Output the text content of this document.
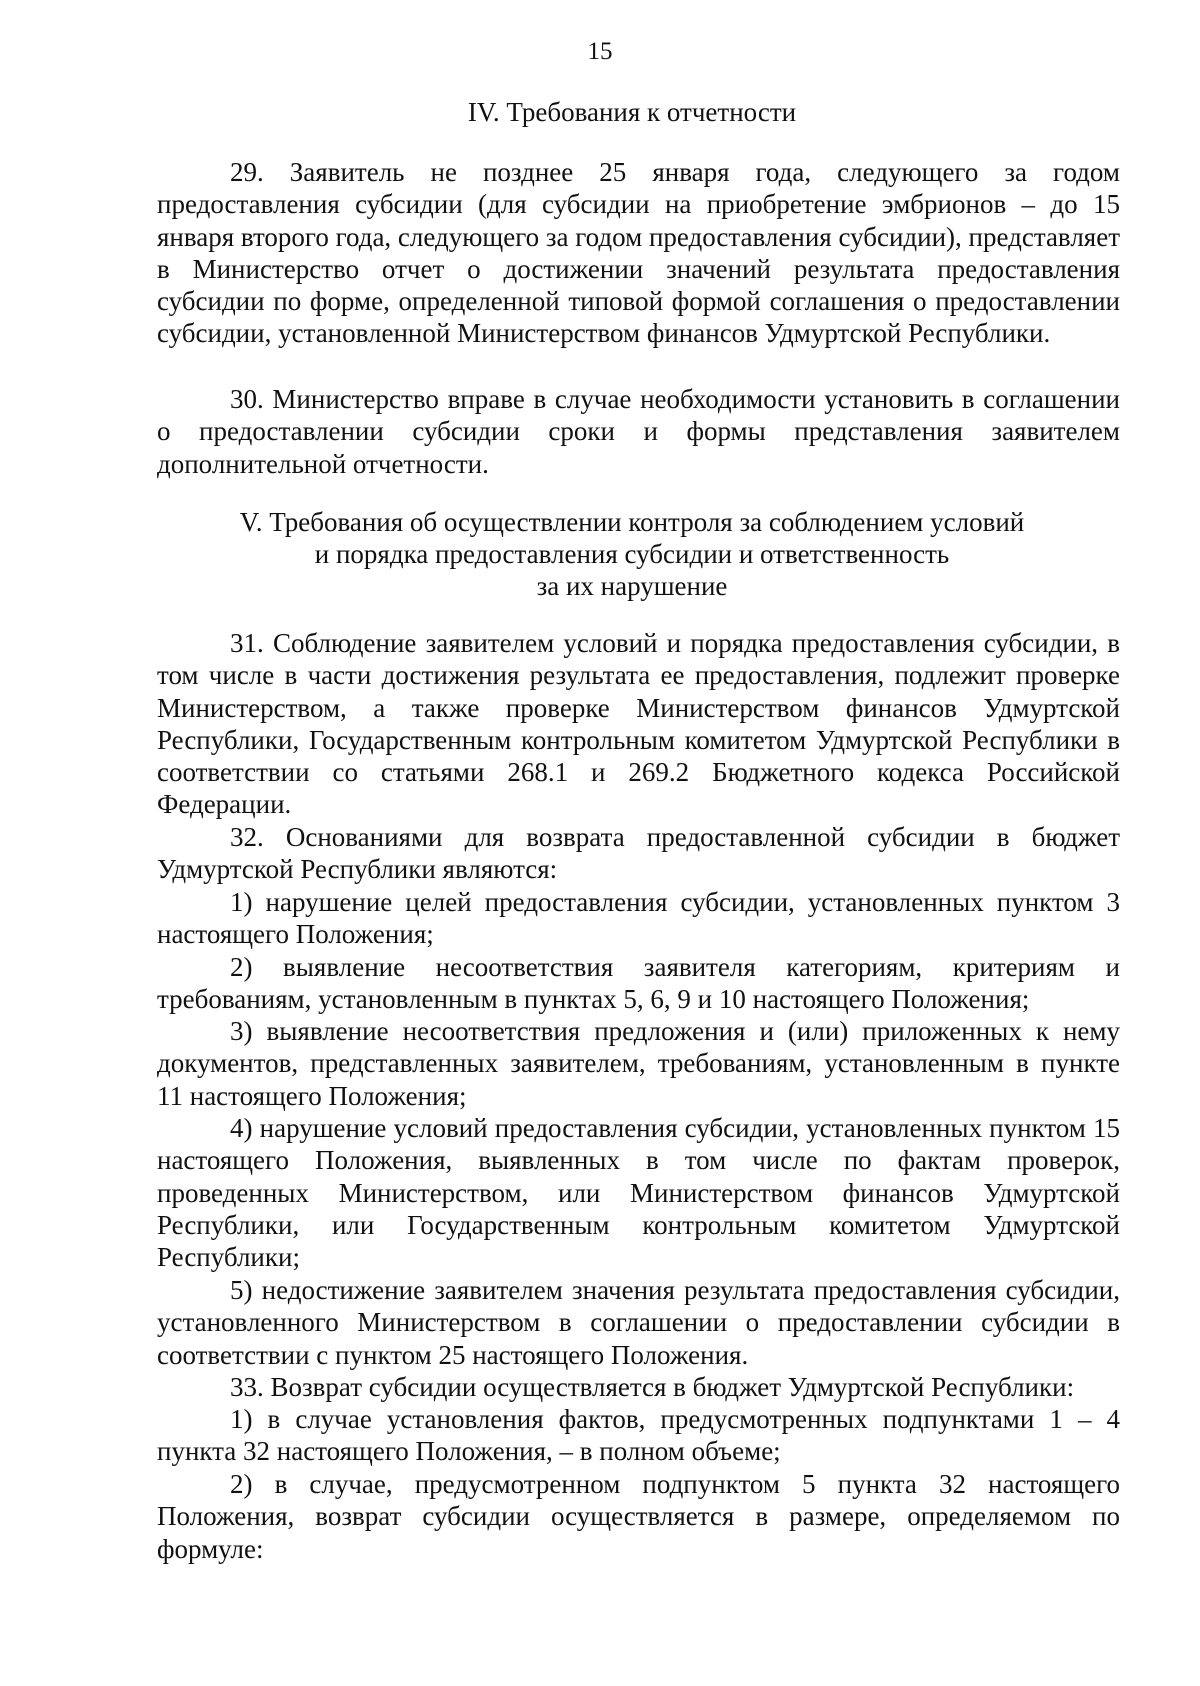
15
IV. Требования к отчетности

29. Заявитель не позднее 25 января года, следующего за годом предоставления субсидии (для субсидии на приобретение эмбрионов – до 15 января второго года, следующего за годом предоставления субсидии), представляет в Министерство отчет о достижении значений результата предоставления субсидии по форме, определенной типовой формой соглашения о предоставлении субсидии, установленной Министерством финансов Удмуртской Республики.

30. Министерство вправе в случае необходимости установить в соглашении о предоставлении субсидии сроки и формы представления заявителем дополнительной отчетности.

V. Требования об осуществлении контроля за соблюдением условий
и порядка предоставления субсидии и ответственность
за их нарушение

31. Соблюдение заявителем условий и порядка предоставления субсидии, в том числе в части достижения результата ее предоставления, подлежит проверке Министерством, а также проверке Министерством финансов Удмуртской Республики, Государственным контрольным комитетом Удмуртской Республики в соответствии со статьями 268.1 и 269.2 Бюджетного кодекса Российской Федерации.

32. Основаниями для возврата предоставленной субсидии в бюджет Удмуртской Республики являются:

1) нарушение целей предоставления субсидии, установленных пунктом 3 настоящего Положения;

2) выявление несоответствия заявителя категориям, критериям и требованиям, установленным в пунктах 5, 6, 9 и 10 настоящего Положения;

3) выявление несоответствия предложения и (или) приложенных к нему документов, представленных заявителем, требованиям, установленным в пункте 11 настоящего Положения;

4) нарушение условий предоставления субсидии, установленных пунктом 15 настоящего Положения, выявленных в том числе по фактам проверок, проведенных Министерством, или Министерством финансов Удмуртской Республики, или Государственным контрольным комитетом Удмуртской Республики;

5) недостижение заявителем значения результата предоставления субсидии, установленного Министерством в соглашении о предоставлении субсидии в соответствии с пунктом 25 настоящего Положения.

33. Возврат субсидии осуществляется в бюджет Удмуртской Республики:

1) в случае установления фактов, предусмотренных подпунктами 1 – 4 пункта 32 настоящего Положения, – в полном объеме;

2) в случае, предусмотренном подпунктом 5 пункта 32 настоящего Положения, возврат субсидии осуществляется в размере, определяемом по формуле:
